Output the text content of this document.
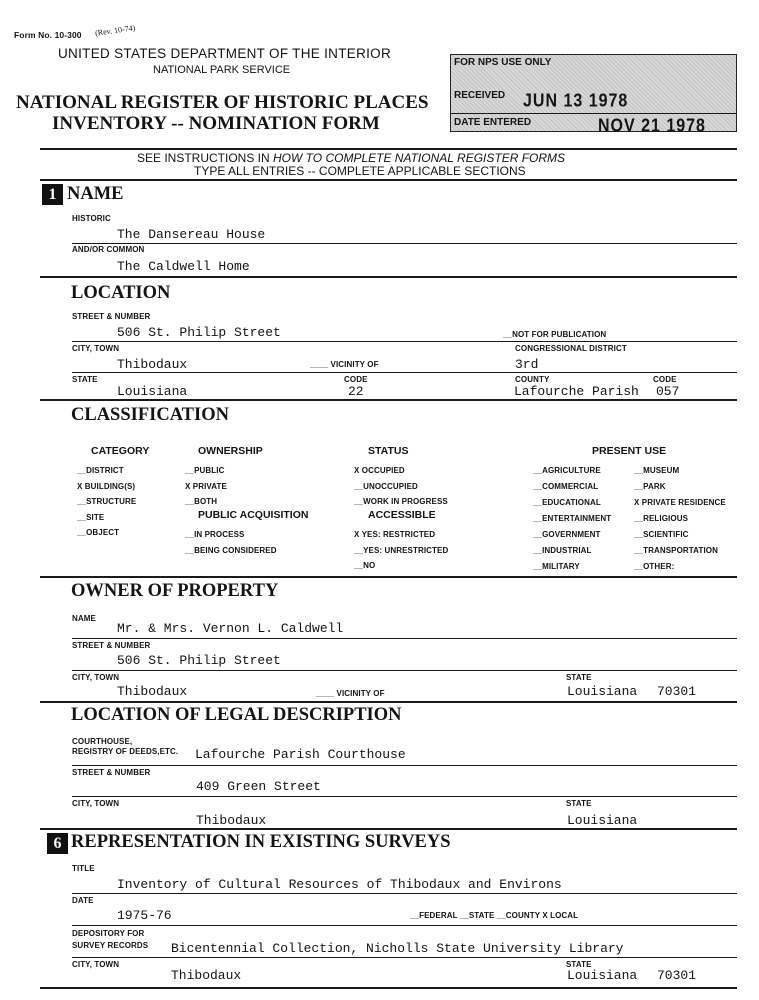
Form No. 10-300 (Rev. 10-74)
UNITED STATES DEPARTMENT OF THE INTERIOR
NATIONAL PARK SERVICE
NATIONAL REGISTER OF HISTORIC PLACES
INVENTORY -- NOMINATION FORM
FOR NPS USE ONLY
RECEIVED JUN 13 1978
DATE ENTERED	NOV 21 1978
SEE INSTRUCTIONS IN HOW TO COMPLETE NATIONAL REGISTER FORMS
TYPE ALL ENTRIES -- COMPLETE APPLICABLE SECTIONS
1 NAME
HISTORIC
The Dansereau House
AND/OR COMMON
The Caldwell Home
LOCATION
STREET & NUMBER
506 St. Philip Street	__NOT FOR PUBLICATION
CITY, TOWN	CONGRESSIONAL DISTRICT
Thibodaux	____ VICINITY OF	3rd
STATE	CODE	COUNTY	CODE
Louisiana	22	Lafourche Parish 057
CLASSIFICATION
CATEGORY
__DISTRICT
X BUILDING(S)
__STRUCTURE
__SITE
__OBJECT
OWNERSHIP
__PUBLIC
X PRIVATE
__BOTH
PUBLIC ACQUISITION
__IN PROCESS
__BEING CONSIDERED
STATUS
X OCCUPIED
__UNOCCUPIED
__WORK IN PROGRESS
ACCESSIBLE
X YES: RESTRICTED
__YES: UNRESTRICTED
__NO
PRESENT USE
__AGRICULTURE
__COMMERCIAL
__EDUCATIONAL
__ENTERTAINMENT
__GOVERNMENT
__INDUSTRIAL
__MILITARY
__MUSEUM
__PARK
X PRIVATE RESIDENCE
__RELIGIOUS
__SCIENTIFIC
__TRANSPORTATION
__OTHER:
OWNER OF PROPERTY
NAME
Mr. & Mrs. Vernon L. Caldwell
STREET & NUMBER
506 St. Philip Street
CITY, TOWN	STATE
Thibodaux	____ VICINITY OF	Louisiana 70301
LOCATION OF LEGAL DESCRIPTION
COURTHOUSE,
REGISTRY OF DEEDS,ETC. Lafourche Parish Courthouse
STREET & NUMBER
409 Green Street
CITY, TOWN	STATE
Thibodaux	Louisiana
6 REPRESENTATION IN EXISTING SURVEYS
TITLE
Inventory of Cultural Resources of Thibodaux and Environs
DATE
1975-76	__FEDERAL __STATE __COUNTY X LOCAL
DEPOSITORY FOR
SURVEY RECORDS Bicentennial Collection, Nicholls State University Library
CITY, TOWN	STATE
Thibodaux	Louisiana 70301
